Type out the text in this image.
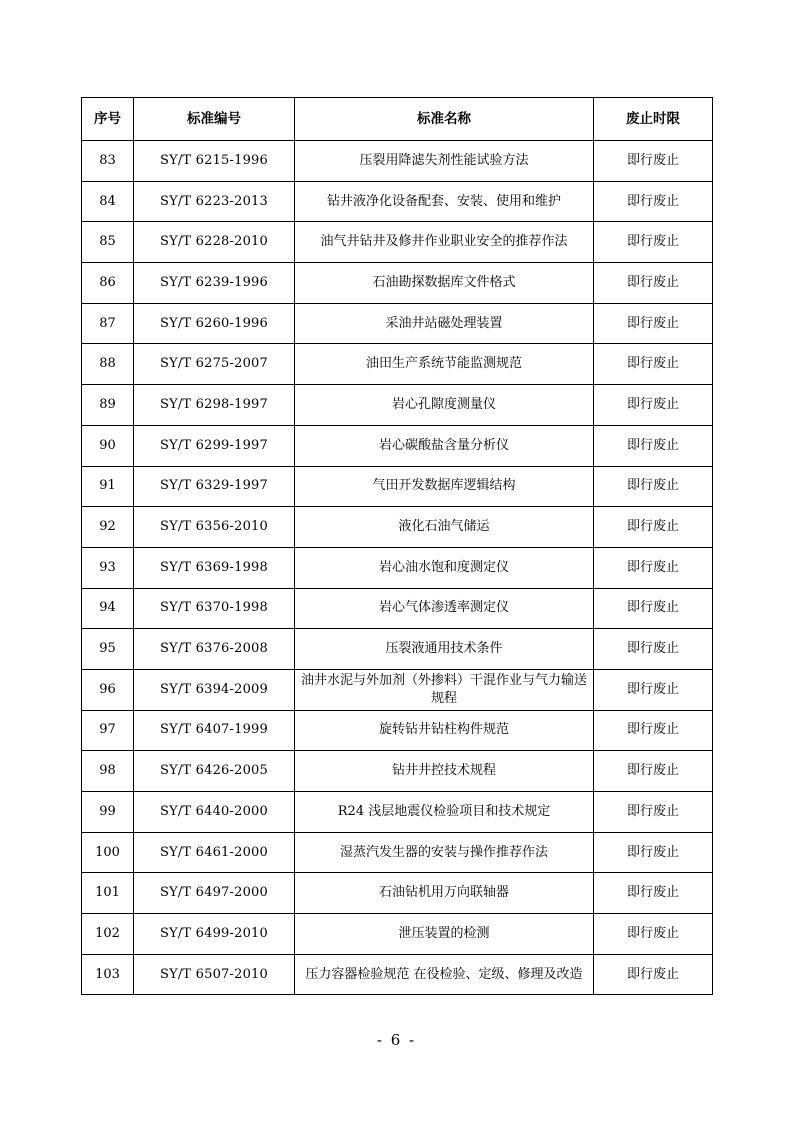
序号	标准编号	标准名称	废止时限
83	SY/T 6215-1996	压裂用降滤失剂性能试验方法	即行废止
84	SY/T 6223-2013	钻井液净化设备配套、安装、使用和维护	即行废止
85	SY/T 6228-2010	油气井钻井及修井作业职业安全的推荐作法	即行废止
86	SY/T 6239-1996	石油勘探数据库文件格式	即行废止
87	SY/T 6260-1996	采油井站磁处理装置	即行废止
88	SY/T 6275-2007	油田生产系统节能监测规范	即行废止
89	SY/T 6298-1997	岩心孔隙度测量仪	即行废止
90	SY/T 6299-1997	岩心碳酸盐含量分析仪	即行废止
91	SY/T 6329-1997	气田开发数据库逻辑结构	即行废止
92	SY/T 6356-2010	液化石油气储运	即行废止
93	SY/T 6369-1998	岩心油水饱和度测定仪	即行废止
94	SY/T 6370-1998	岩心气体渗透率测定仪	即行废止
95	SY/T 6376-2008	压裂液通用技术条件	即行废止
96	SY/T 6394-2009	油井水泥与外加剂（外掺料）干混作业与气力输送规程	即行废止
97	SY/T 6407-1999	旋转钻井钻柱构件规范	即行废止
98	SY/T 6426-2005	钻井井控技术规程	即行废止
99	SY/T 6440-2000	R24 浅层地震仪检验项目和技术规定	即行废止
100	SY/T 6461-2000	湿蒸汽发生器的安装与操作推荐作法	即行废止
101	SY/T 6497-2000	石油钻机用万向联轴器	即行废止
102	SY/T 6499-2010	泄压装置的检测	即行废止
103	SY/T 6507-2010	压力容器检验规范 在役检验、定级、修理及改造	即行废止
- 6 -
